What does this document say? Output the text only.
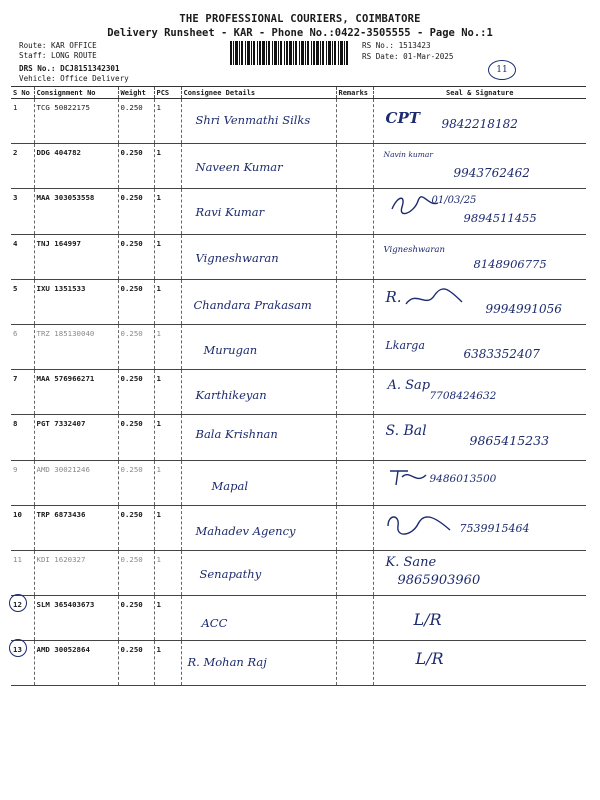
THE PROFESSIONAL COURIERS, COIMBATORE
Delivery Runsheet - KAR - Phone No.:0422-3505555 - Page No.:1
Route: KAR OFFICE
Staff: LONG ROUTE
DRS No.: DCJ8151342301
Vehicle: Office Delivery
RS No.: 1513423
RS Date: 01-Mar-2025
11
S No	Consignment No	Weight	PCS	Consignee Details	Remarks	Seal & Signature
1	TCG 50822175	0.250	1	Shri Venmathi Silks		CPT 9842218182

2	DDG 404782	0.250	1	Naveen Kumar		Navin kumar
9943762462

3	MAA 303053558	0.250	1	Ravi Kumar		01/03/25
9894511455

4	TNJ 164997	0.250	1	Vigneshwaran		Vigneshwaran
8148906775

5	IXU 1351533	0.250	1	Chandara Prakasam		R.
9994991056

6	TRZ 185130040	0.250	1	Murugan		Lkarga
6383352407

7	MAA 576966271	0.250	1	Karthikeyan		A. Sap
7708424632

8	PGT 7332407	0.250	1	Bala Krishnan		S. Bal
9865415233

9	AMD 30021246	0.250	1	Mapal		9486013500

10	TRP 6873436	0.250	1	Mahadev Agency		7539915464

11	KDI 1620327	0.250	1	Senapathy		K. Sane
9865903960

12	SLM 365403673	0.250	1	ACC		L/R

13	AMD 30052864	0.250	1	R. Mohan Raj		L/R
